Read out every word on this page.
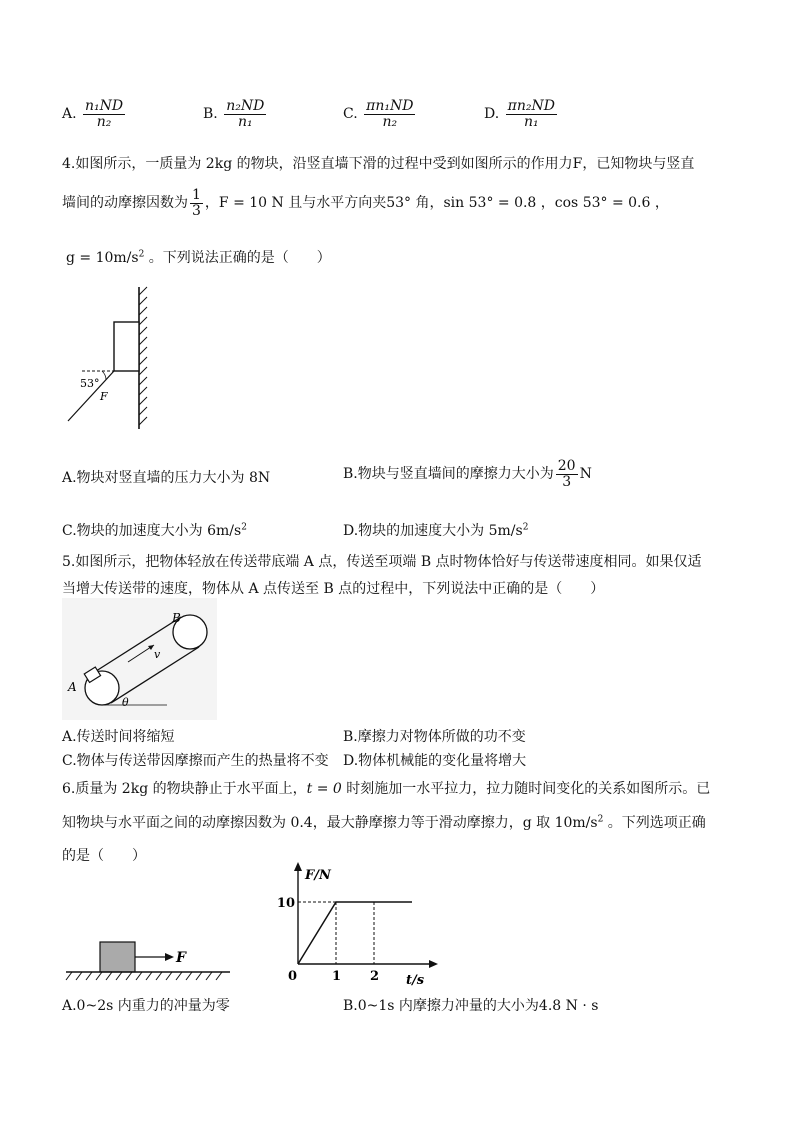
A. $\frac{\text{n₁ND}}{\text{n₂}}$	B. $\frac{\text{n₂ND}}{\text{n₁}}$	C. $\frac{\text{πn₁ND}}{\text{n₂}}$	D. $\frac{\text{πn₂ND}}{\text{n₁}}$
4.如图所示，一质量为 2kg 的物块，沿竖直墙下滑的过程中受到如图所示的作用力F，已知物块与竖直
墙间的动摩擦因数为 $\frac{1}{3}$ ，F = 10 N 且与水平方向夹53° 角，sin 53° = 0.8 ，cos 53° = 0.6 ，
$g = 10m/s^2$ 。下列说法正确的是（　　）
53°
F
A.物块对竖直墙的压力大小为 8N	B.物块与竖直墙间的摩擦力大小为 $\frac{20}{3}$ N
C.物块的加速度大小为 $6m/s^2$	D.物块的加速度大小为 $5m/s^2$
5.如图所示，把物体轻放在传送带底端 A 点，传送至项端 B 点时物体恰好与传送带速度相同。如果仅适
当增大传送带的速度，物体从 A 点传送至 B 点的过程中，下列说法中正确的是（　　）
B
A
v
θ
A.传送时间将缩短	B.摩擦力对物体所做的功不变
C.物体与传送带因摩擦而产生的热量将不变 D.物体机械能的变化量将增大
6.质量为 2kg 的物块静止于水平面上，t = 0 时刻施加一水平拉力，拉力随时间变化的关系如图所示。已
知物块与水平面之间的动摩擦因数为 0.4，最大静摩擦力等于滑动摩擦力，g 取 $10m/s^2$ 。下列选项正确
的是（　　）
F
F/N
t/s
0	1 2
10
A.0~2s 内重力的冲量为零	B.0~1s 内摩擦力冲量的大小为4.8 N · s
